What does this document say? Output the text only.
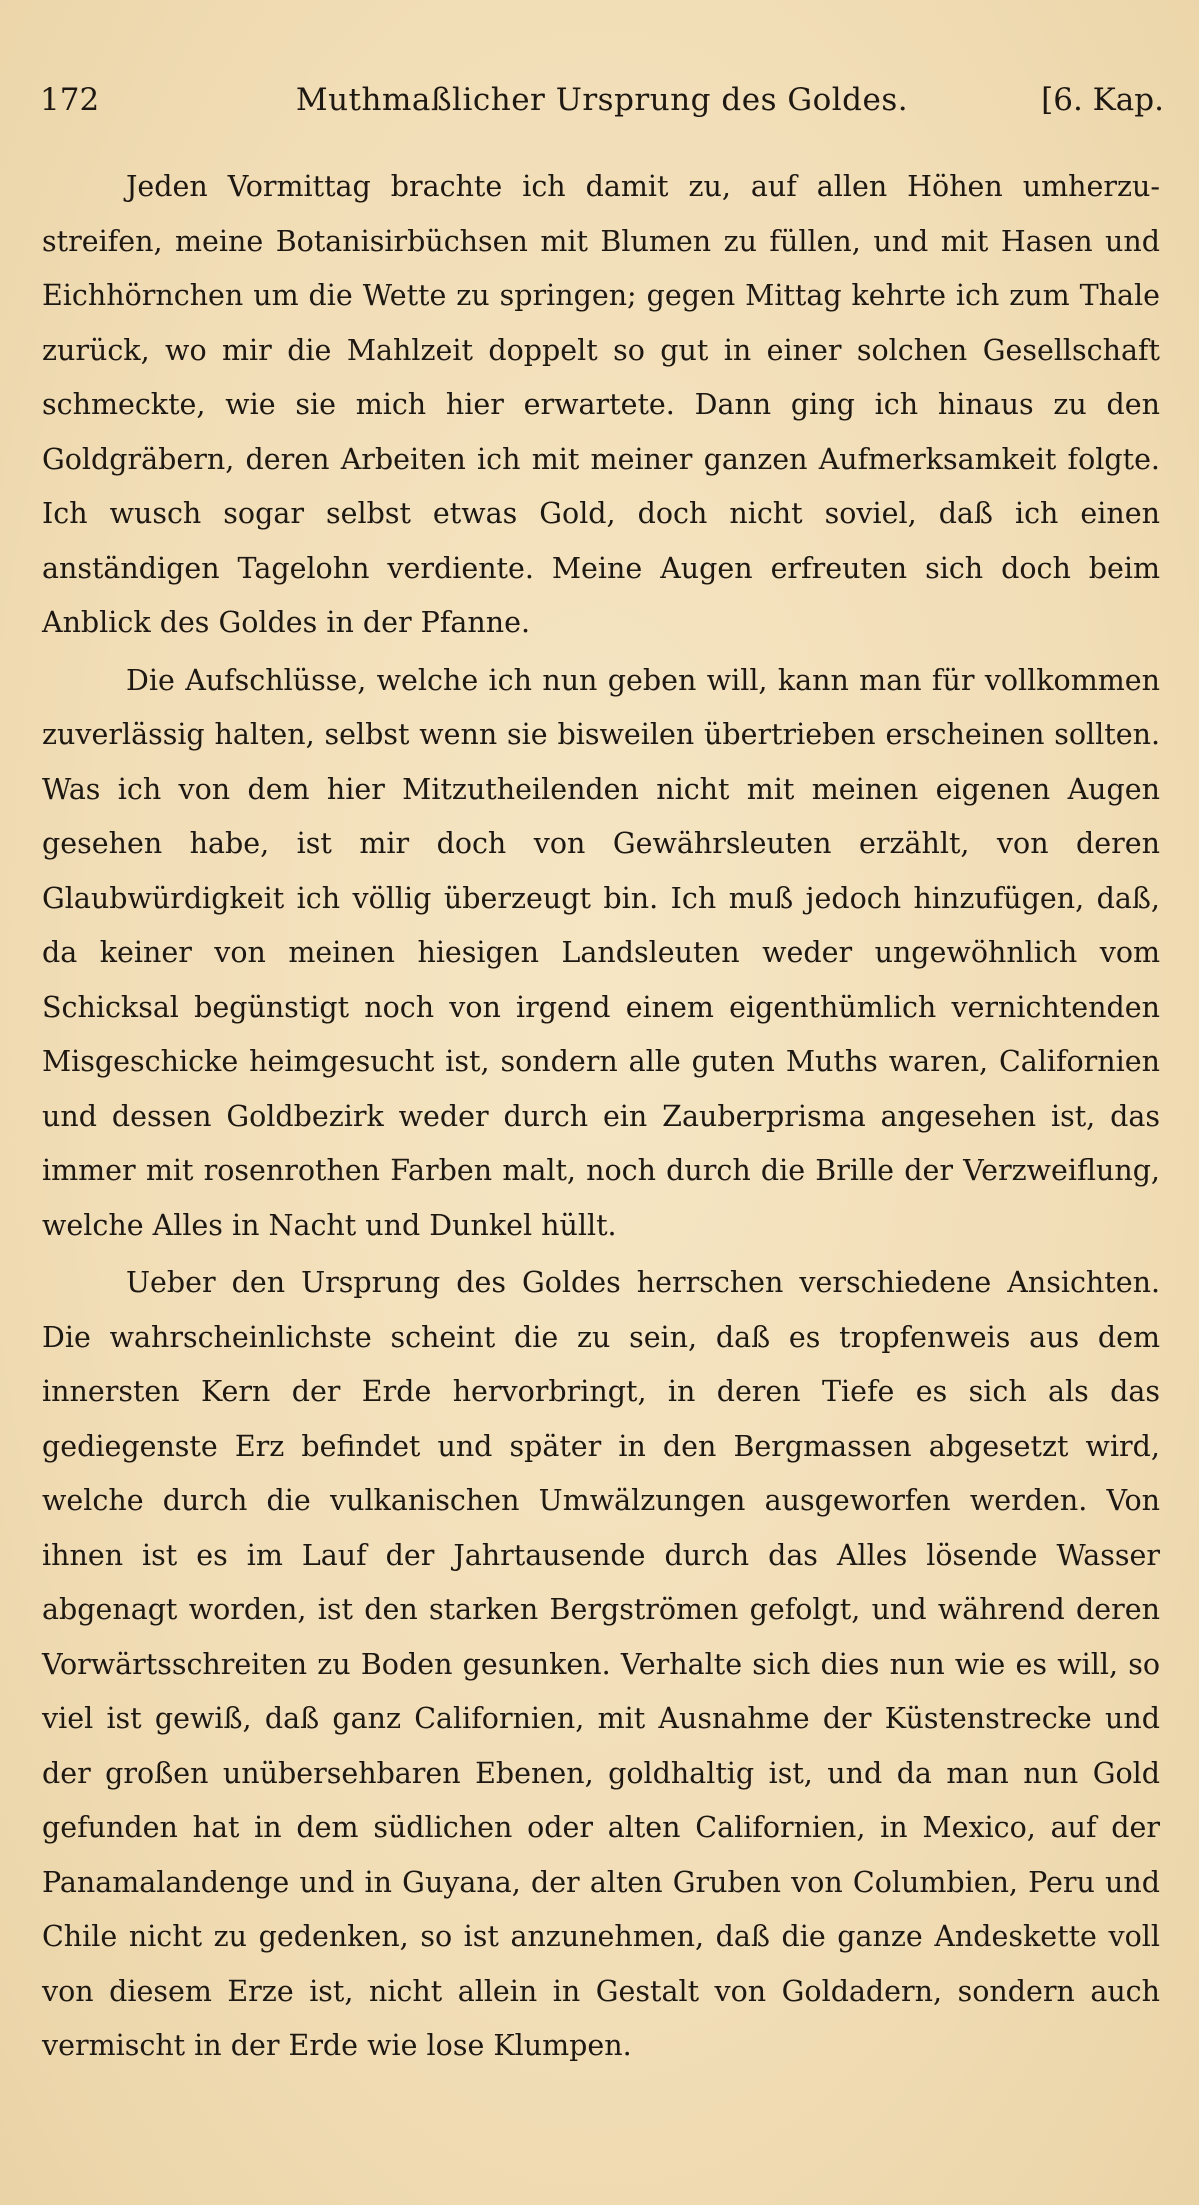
Muthmaßlicher Ursprung des Goldes.
172	[6. Kap.

Jeden Vormittag brachte ich damit zu, auf allen Höhen umherzustreifen, meine Botanisirbüchsen mit Blumen zu füllen, und mit Hasen und Eichhörnchen um die Wette zu springen; gegen Mittag kehrte ich zum Thale zurück, wo mir die Mahlzeit doppelt so gut in einer solchen Gesellschaft schmeckte, wie sie mich hier erwartete. Dann ging ich hinaus zu den Goldgräbern, deren Arbeiten ich mit meiner ganzen Aufmerksamkeit folgte. Ich wusch sogar selbst etwas Gold, doch nicht soviel, daß ich einen anständigen Tagelohn verdiente. Meine Augen erfreuten sich doch beim Anblick des Goldes in der Pfanne.

Die Aufschlüsse, welche ich nun geben will, kann man für vollkommen zuverlässig halten, selbst wenn sie bisweilen übertrieben erscheinen sollten. Was ich von dem hier Mitzutheilenden nicht mit meinen eigenen Augen gesehen habe, ist mir doch von Gewährsleuten erzählt, von deren Glaubwürdigkeit ich völlig überzeugt bin. Ich muß jedoch hinzufügen, daß, da keiner von meinen hiesigen Landsleuten weder ungewöhnlich vom Schicksal begünstigt noch von irgend einem eigenthümlich vernichtenden Misgeschicke heimgesucht ist, sondern alle guten Muths waren, Californien und dessen Goldbezirk weder durch ein Zauberprisma angesehen ist, das immer mit rosenrothen Farben malt, noch durch die Brille der Verzweiflung, welche Alles in Nacht und Dunkel hüllt.

Ueber den Ursprung des Goldes herrschen verschiedene Ansichten. Die wahrscheinlichste scheint die zu sein, daß es tropfenweis aus dem innersten Kern der Erde hervorbringt, in deren Tiefe es sich als das gediegenste Erz befindet und später in den Bergmassen abgesetzt wird, welche durch die vulkanischen Umwälzungen ausgeworfen werden. Von ihnen ist es im Lauf der Jahrtausende durch das Alles lösende Wasser abgenagt worden, ist den starken Bergströmen gefolgt, und während deren Vorwärtsschreiten zu Boden gesunken. Verhalte sich dies nun wie es will, so viel ist gewiß, daß ganz Californien, mit Ausnahme der Küstenstrecke und der großen unübersehbaren Ebenen, goldhaltig ist, und da man nun Gold gefunden hat in dem südlichen oder alten Californien, in Mexico, auf der Panamalandenge und in Guyana, der alten Gruben von Columbien, Peru und Chile nicht zu gedenken, so ist anzunehmen, daß die ganze Andeskette voll von diesem Erze ist, nicht allein in Gestalt von Goldadern, sondern auch vermischt in der Erde wie lose Klumpen.
